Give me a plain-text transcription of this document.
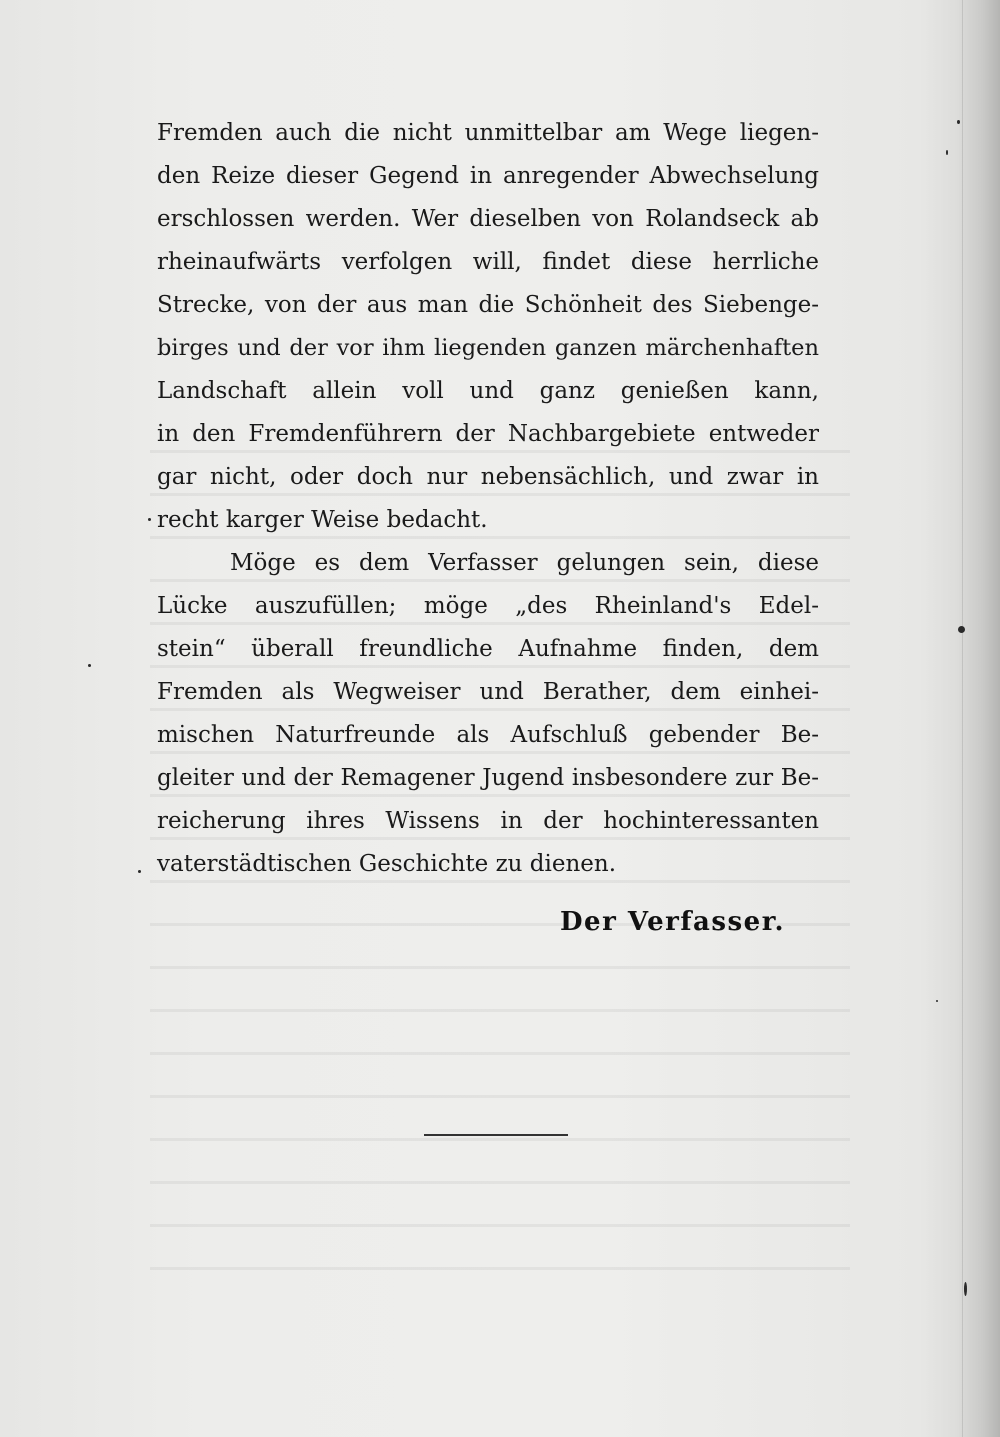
Fremden auch die nicht unmittelbar am Wege liegen-
den Reize dieser Gegend in anregender Abwechselung
erschlossen werden. Wer dieselben von Rolandseck ab
rheinaufwärts verfolgen will, findet diese herrliche
Strecke, von der aus man die Schönheit des Siebenge-
birges und der vor ihm liegenden ganzen märchenhaften
Landschaft allein voll und ganz genießen kann,
in den Fremdenführern der Nachbargebiete entweder
gar nicht, oder doch nur nebensächlich, und zwar in
recht karger Weise bedacht.
Möge es dem Verfasser gelungen sein, diese
Lücke auszufüllen; möge „des Rheinland's Edel-
stein“ überall freundliche Aufnahme finden, dem
Fremden als Wegweiser und Berather, dem einhei-
mischen Naturfreunde als Aufschluß gebender Be-
gleiter und der Remagener Jugend insbesondere zur Be-
reicherung ihres Wissens in der hochinteressanten
vaterstädtischen Geschichte zu dienen.
Der Verfasser.
